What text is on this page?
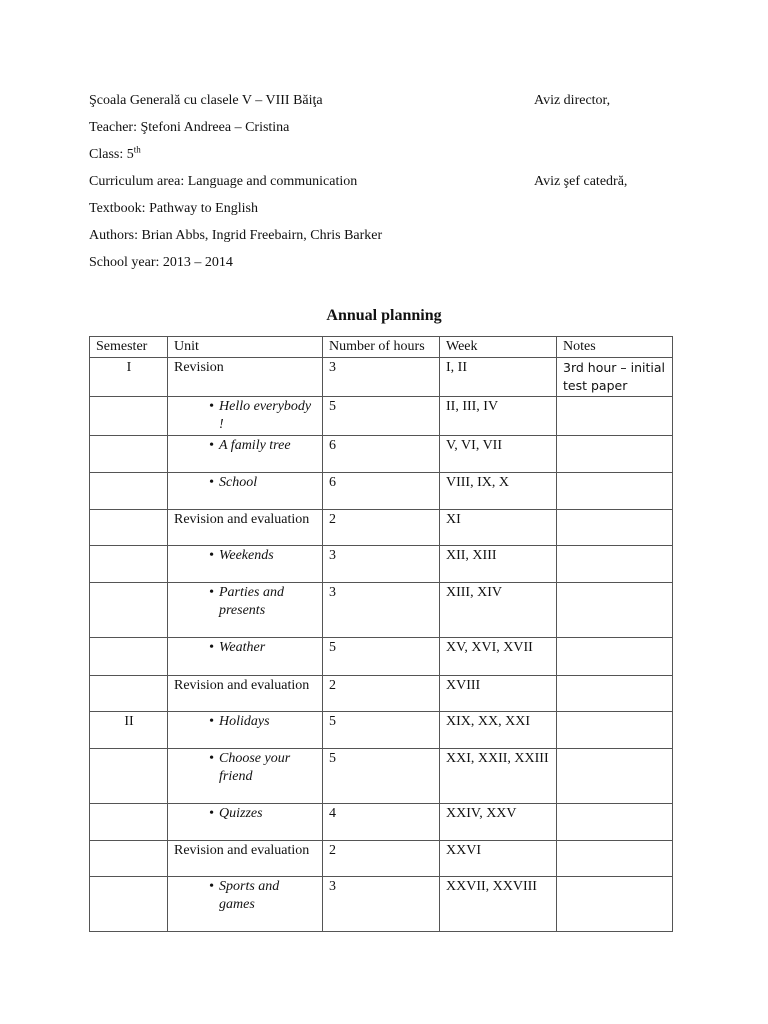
Şcoala Generală cu clasele V – VIII Băiţa	Aviz director,
Teacher: Ştefoni Andreea – Cristina
Class: 5th
Curriculum area: Language and communication	Aviz şef catedră,
Textbook: Pathway to English
Authors: Brian Abbs, Ingrid Freebairn, Chris Barker
School year: 2013 – 2014
Annual planning
Semester	Unit	Number of hours	Week	Notes
I	Revision	3	I, II	3rd hour – initial test paper

	• Hello everybody !	5	II, III, IV	

	• A family tree	6	V, VI, VII	

	• School	6	VIII, IX, X	
	Revision and evaluation	2	XI	

	• Weekends	3	XII, XIII	

	• Parties and presents	3	XIII, XIV	

	• Weather	5	XV, XVI, XVII	
	Revision and evaluation	2	XVIII	
II	• Holidays	5	XIX, XX, XXI	

	• Choose your friend	5	XXI, XXII, XXIII	

	• Quizzes	4	XXIV, XXV	
	Revision and evaluation	2	XXVI	

	• Sports and games	3	XXVII, XXVIII	
